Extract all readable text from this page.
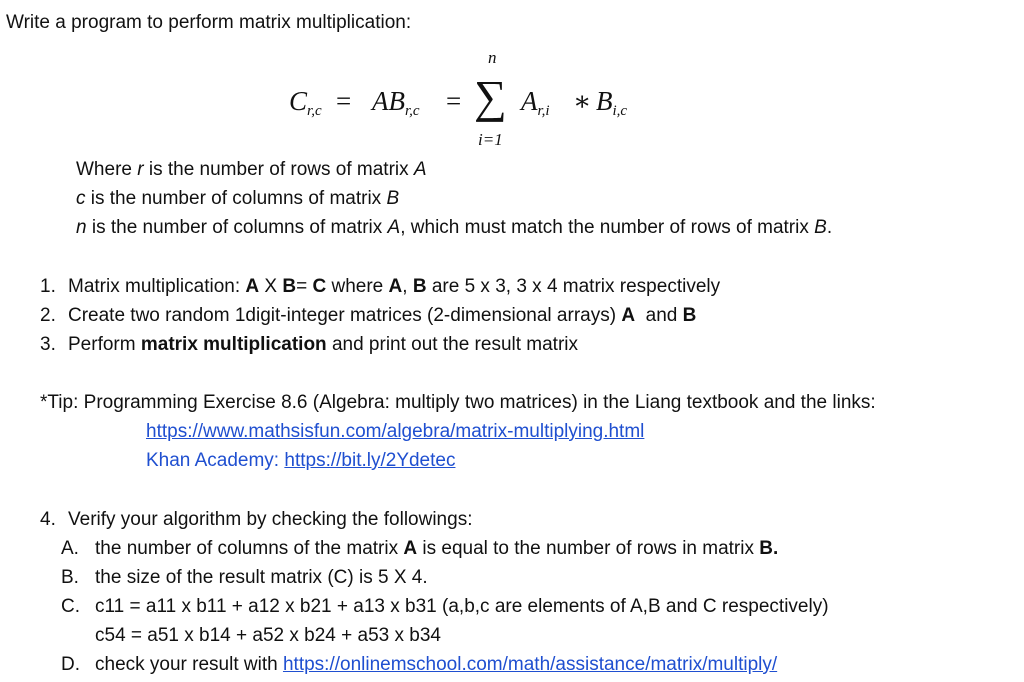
Write a program to perform matrix multiplication:
$C_{r,c} = AB_{r,c}$ =
n
∑
i=1
$A_{r,i}$ ∗ $B_{i,c}$
Where r is the number of rows of matrix A
c is the number of columns of matrix B
n is the number of columns of matrix A, which must match the number of rows of matrix B.
1. Matrix multiplication: A X B= C where A, B are 5 x 3, 3 x 4 matrix respectively
2. Create two random 1digit-integer matrices (2-dimensional arrays) A  and B
3. Perform matrix multiplication and print out the result matrix
*Tip: Programming Exercise 8.6 (Algebra: multiply two matrices) in the Liang textbook and the links:
https://www.mathsisfun.com/algebra/matrix-multiplying.html
Khan Academy: https://bit.ly/2Ydetec
4. Verify your algorithm by checking the followings:
A. the number of columns of the matrix A is equal to the number of rows in matrix B.
B. the size of the result matrix (C) is 5 X 4.
C. c11 = a11 x b11 + a12 x b21 + a13 x b31 (a,b,c are elements of A,B and C respectively)
c54 = a51 x b14 + a52 x b24 + a53 x b34
D. check your result with https://onlinemschool.com/math/assistance/matrix/multiply/
